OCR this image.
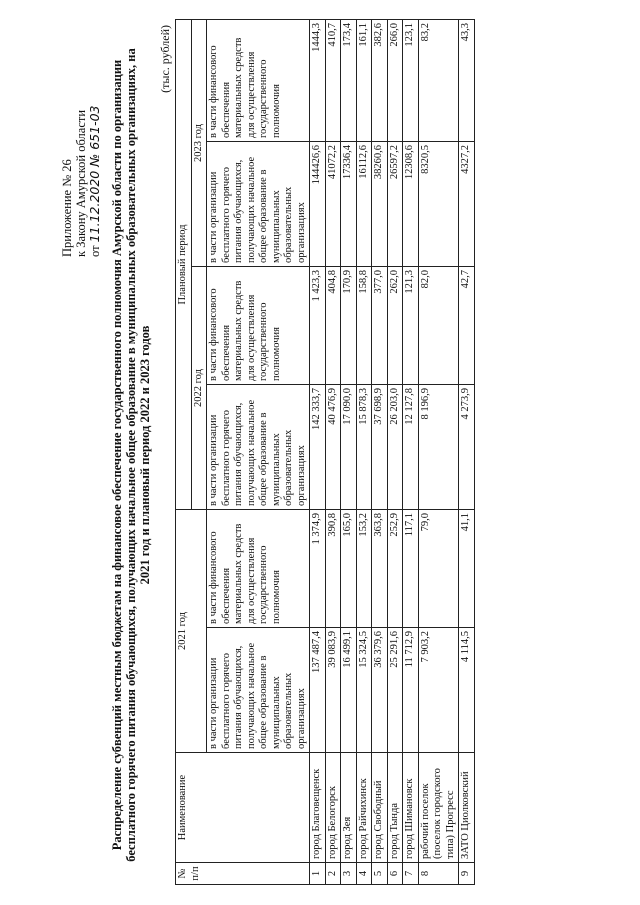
Приложение № 26 к Закону Амурской области от 11.12.2020 № 651-03 Распределение субвенций местным бюджетам на финансовое обеспечение государственного полномочия Амурской области по организации бесплатного горячего питания обучающихся, получающих начальное общее образование в муниципальных образовательных организациях, на 2021 год и плановый период 2022 и 2023 годов
(тыс. рублей)
№ п/п	Наименование	2021 год		Плановый период			
				2022 год		2023 год	
		в части организации бесплатного горячего питания обучающихся, получающих начальное общее образование в муниципальных образовательных организациях	в части финансового обеспечения материальных средств для осуществления государственного полномочия	в части организации бесплатного горячего питания обучающихся, получающих начальное общее образование в муниципальных образовательных организациях	в части финансового обеспечения материальных средств для осуществления государственного полномочия	в части организации бесплатного горячего питания обучающихся, получающих начальное общее образование в муниципальных образовательных организациях	в части финансового обеспечения материальных средств для осуществления государственного полномочия
1	город Благовещенск	137 487,4	1 374,9	142 333,7	1 423,3	144426,6	1444,3
2	город Белогорск	39 083,9	390,8	40 476,9	404,8	41072,2	410,7
3	город Зея	16 499,1	165,0	17 090,0	170,9	17336,4	173,4
4	город Райчихинск	15 324,5	153,2	15 878,3	158,8	16112,6	161,1
5	город Свободный	36 379,6	363,8	37 698,9	377,0	38260,6	382,6
6	город Тында	25 291,6	252,9	26 203,0	262,0	26597,2	266,0
7	город Шимановск	11 712,9	117,1	12 127,8	121,3	12308,6	123,1
8	рабочий поселок (поселок городского типа) Прогресс	7 903,2	79,0	8 196,9	82,0	8320,5	83,2
9	ЗАТО Циолковский	4 114,5	41,1	4 273,9	42,7	4327,2	43,3
